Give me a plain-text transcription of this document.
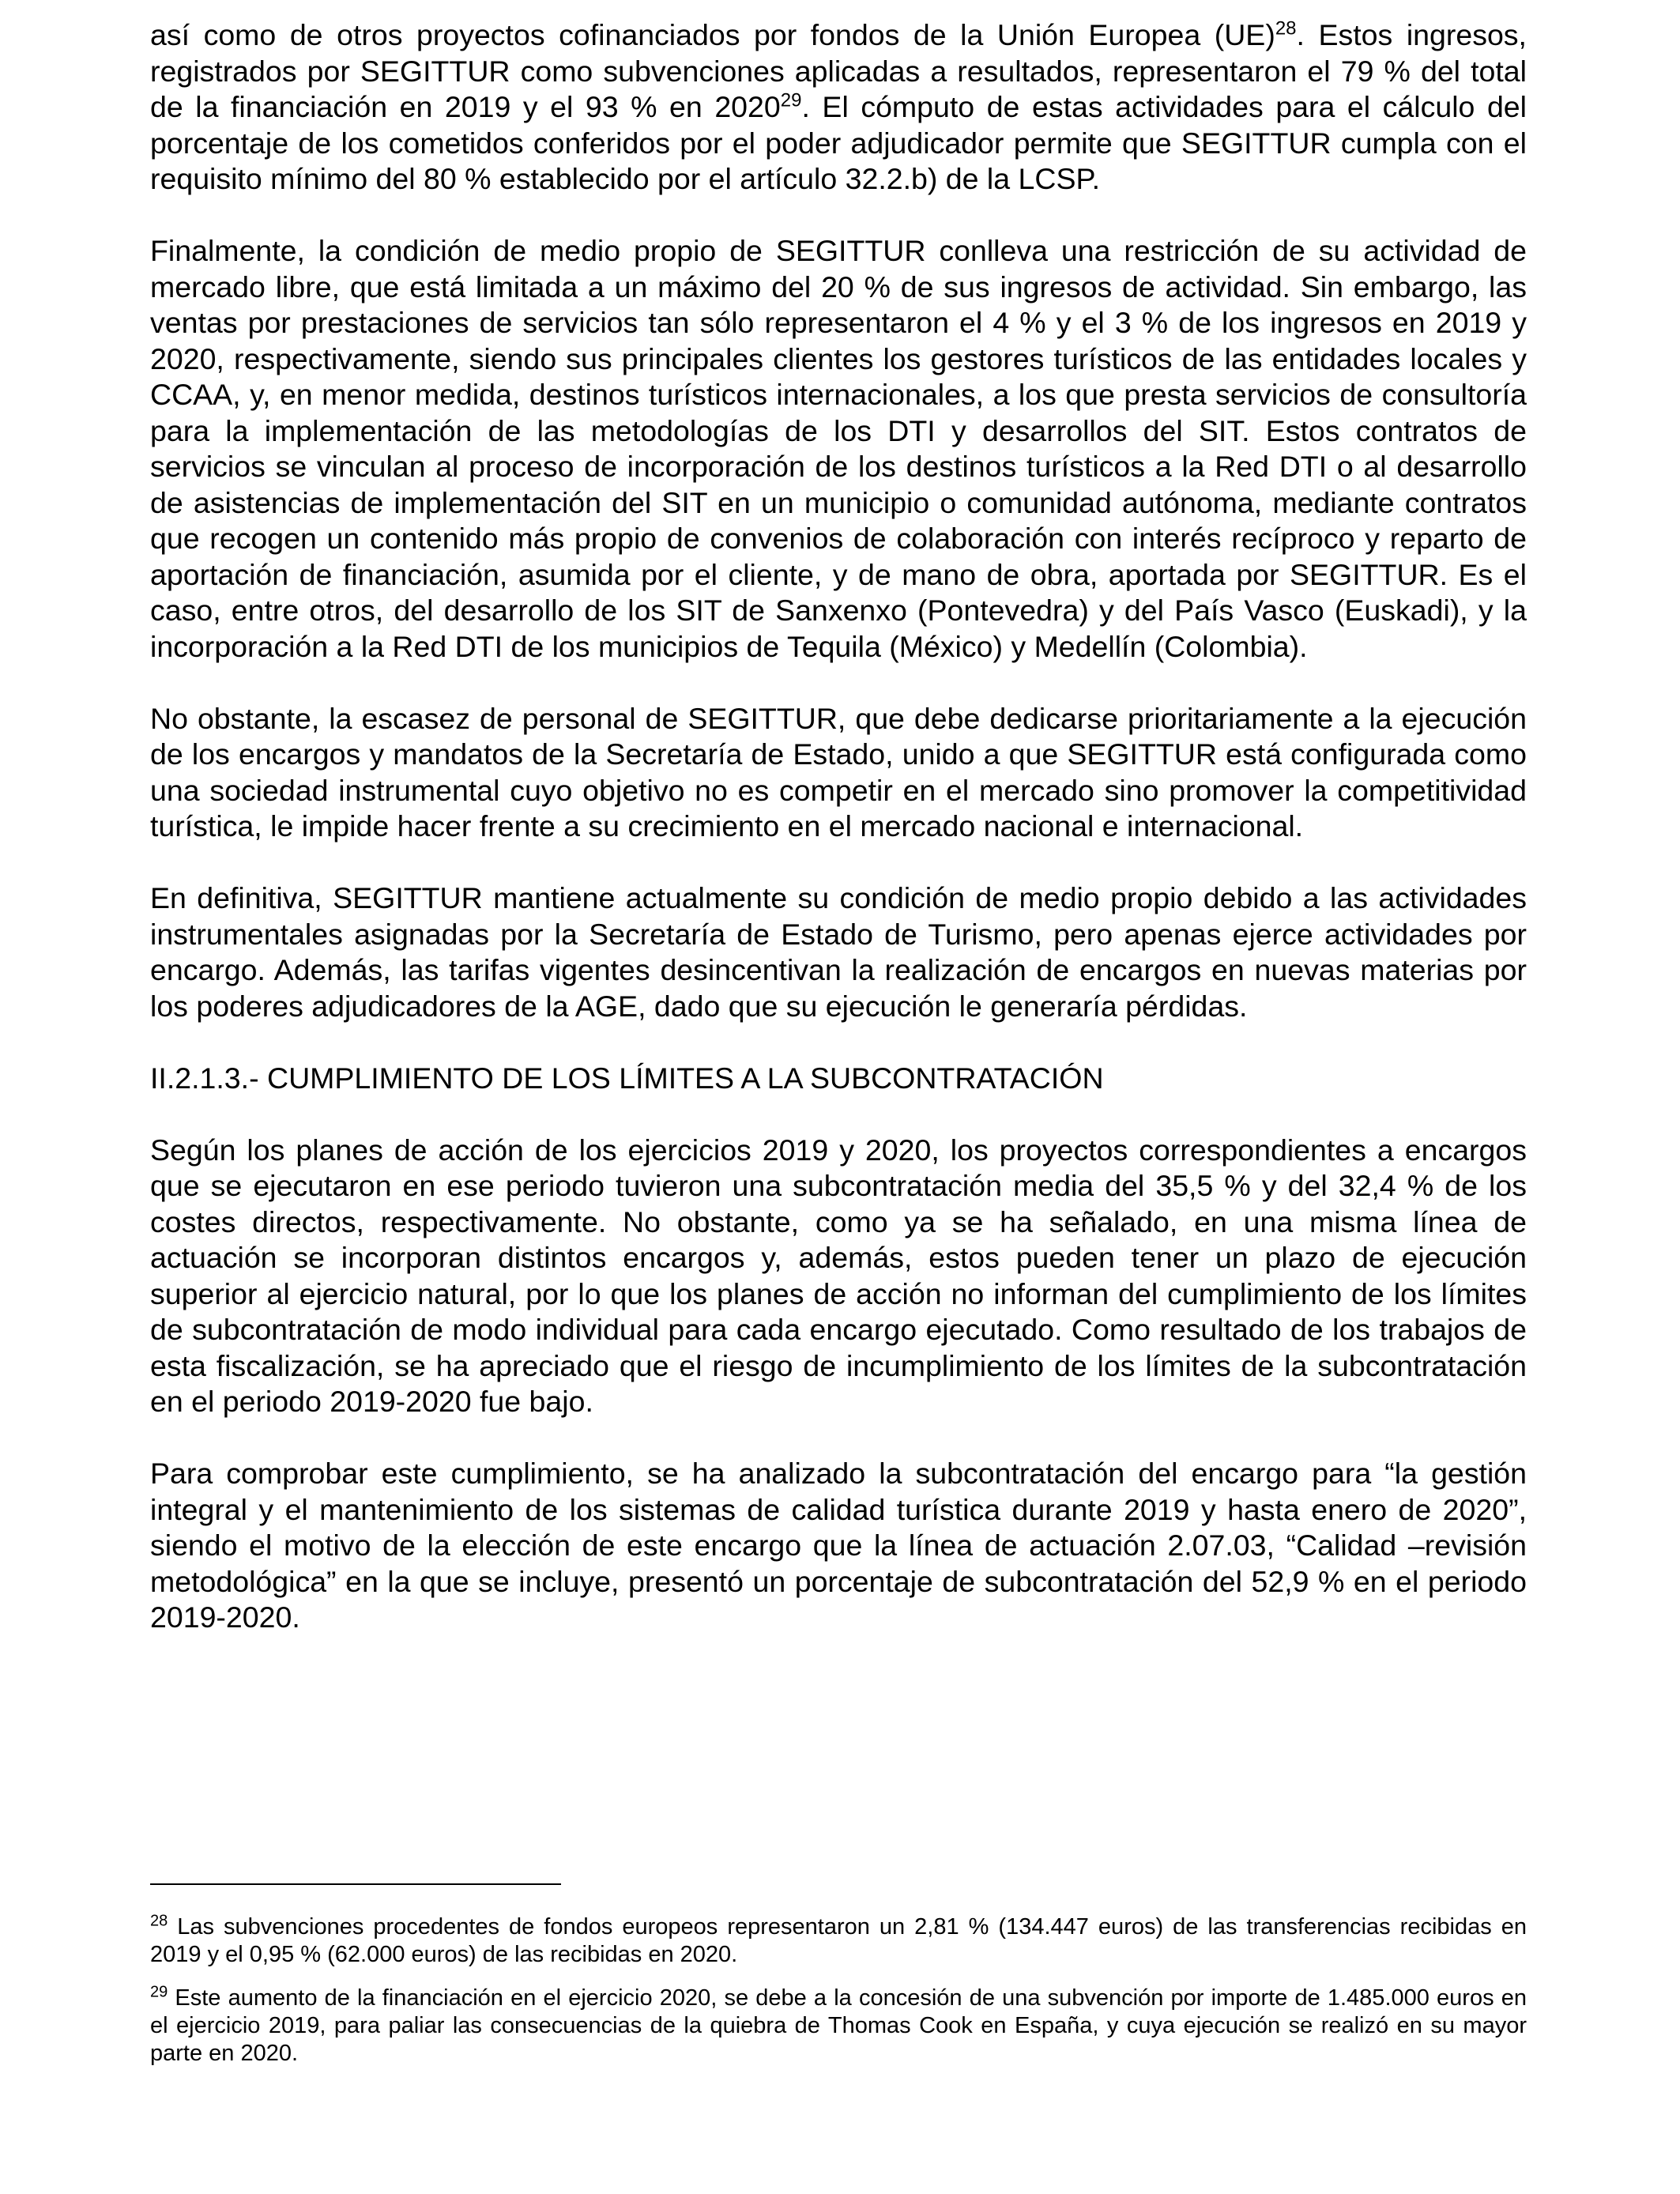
así como de otros proyectos cofinanciados por fondos de la Unión Europea (UE)$^{28}$. Estos ingresos, registrados por SEGITTUR como subvenciones aplicadas a resultados, representaron el 79 % del total de la financiación en 2019 y el 93 % en 2020$^{29}$. El cómputo de estas actividades para el cálculo del porcentaje de los cometidos conferidos por el poder adjudicador permite que SEGITTUR cumpla con el requisito mínimo del 80 % establecido por el artículo 32.2.b) de la LCSP.

Finalmente, la condición de medio propio de SEGITTUR conlleva una restricción de su actividad de mercado libre, que está limitada a un máximo del 20 % de sus ingresos de actividad. Sin embargo, las ventas por prestaciones de servicios tan sólo representaron el 4 % y el 3 % de los ingresos en 2019 y 2020, respectivamente, siendo sus principales clientes los gestores turísticos de las entidades locales y CCAA, y, en menor medida, destinos turísticos internacionales, a los que presta servicios de consultoría para la implementación de las metodologías de los DTI y desarrollos del SIT. Estos contratos de servicios se vinculan al proceso de incorporación de los destinos turísticos a la Red DTI o al desarrollo de asistencias de implementación del SIT en un municipio o comunidad autónoma, mediante contratos que recogen un contenido más propio de convenios de colaboración con interés recíproco y reparto de aportación de financiación, asumida por el cliente, y de mano de obra, aportada por SEGITTUR. Es el caso, entre otros, del desarrollo de los SIT de Sanxenxo (Pontevedra) y del País Vasco (Euskadi), y la incorporación a la Red DTI de los municipios de Tequila (México) y Medellín (Colombia).

No obstante, la escasez de personal de SEGITTUR, que debe dedicarse prioritariamente a la ejecución de los encargos y mandatos de la Secretaría de Estado, unido a que SEGITTUR está configurada como una sociedad instrumental cuyo objetivo no es competir en el mercado sino promover la competitividad turística, le impide hacer frente a su crecimiento en el mercado nacional e internacional.

En definitiva, SEGITTUR mantiene actualmente su condición de medio propio debido a las actividades instrumentales asignadas por la Secretaría de Estado de Turismo, pero apenas ejerce actividades por encargo. Además, las tarifas vigentes desincentivan la realización de encargos en nuevas materias por los poderes adjudicadores de la AGE, dado que su ejecución le generaría pérdidas.

II.2.1.3.- CUMPLIMIENTO DE LOS LÍMITES A LA SUBCONTRATACIÓN

Según los planes de acción de los ejercicios 2019 y 2020, los proyectos correspondientes a encargos que se ejecutaron en ese periodo tuvieron una subcontratación media del 35,5 % y del 32,4 % de los costes directos, respectivamente. No obstante, como ya se ha señalado, en una misma línea de actuación se incorporan distintos encargos y, además, estos pueden tener un plazo de ejecución superior al ejercicio natural, por lo que los planes de acción no informan del cumplimiento de los límites de subcontratación de modo individual para cada encargo ejecutado. Como resultado de los trabajos de esta fiscalización, se ha apreciado que el riesgo de incumplimiento de los límites de la subcontratación en el periodo 2019-2020 fue bajo.

Para comprobar este cumplimiento, se ha analizado la subcontratación del encargo para “la gestión integral y el mantenimiento de los sistemas de calidad turística durante 2019 y hasta enero de 2020”, siendo el motivo de la elección de este encargo que la línea de actuación 2.07.03, “Calidad –revisión metodológica” en la que se incluye, presentó un porcentaje de subcontratación del 52,9 % en el periodo 2019-2020.

$^{28}$ Las subvenciones procedentes de fondos europeos representaron un 2,81 % (134.447 euros) de las transferencias recibidas en 2019 y el 0,95 % (62.000 euros) de las recibidas en 2020.

$^{29}$ Este aumento de la financiación en el ejercicio 2020, se debe a la concesión de una subvención por importe de 1.485.000 euros en el ejercicio 2019, para paliar las consecuencias de la quiebra de Thomas Cook en España, y cuya ejecución se realizó en su mayor parte en 2020.
